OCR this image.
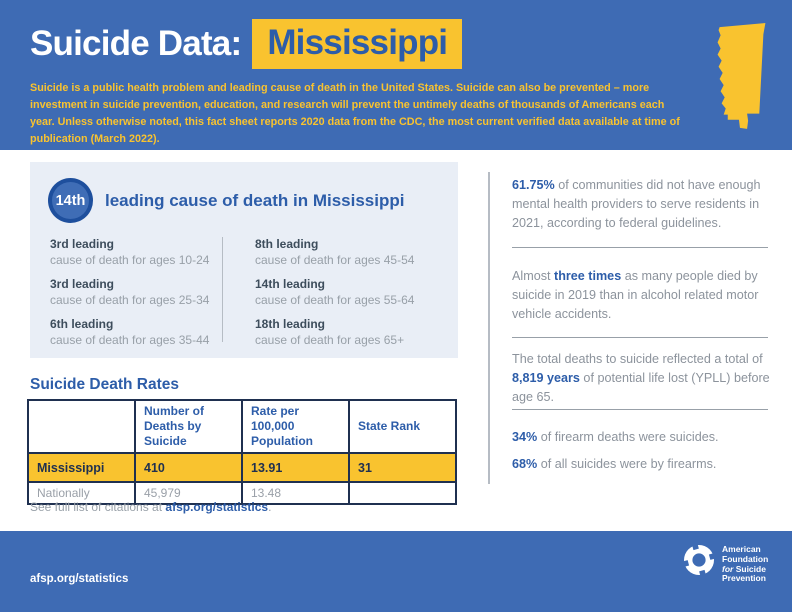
Suicide Data: Mississippi

Suicide is a public health problem and leading cause of death in the United States. Suicide can also be prevented – more investment in suicide prevention, education, and research will prevent the untimely deaths of thousands of Americans each year. Unless otherwise noted, this fact sheet reports 2020 data from the CDC, the most current verified data available at time of publication (March 2022).

14th leading cause of death in Mississippi
3rd leading
cause of death for ages 10-24
3rd leading
cause of death for ages 25-34
6th leading
cause of death for ages 35-44
8th leading
cause of death for ages 45-54
14th leading
cause of death for ages 55-64
18th leading
cause of death for ages 65+
Suicide Death Rates
	Number of Deaths by Suicide	Rate per 100,000 Population	State Rank
Mississippi	410	13.91	31
Nationally	45,979	13.48	

See full list of citations at afsp.org/statistics.

61.75% of communities did not have enough mental health providers to serve residents in 2021, according to federal guidelines.

Almost three times as many people died by suicide in 2019 than in alcohol related motor vehicle accidents.

The total deaths to suicide reflected a total of 8,819 years of potential life lost (YPLL) before age 65.

34% of firearm deaths were suicides.

68% of all suicides were by firearms.

afsp.org/statistics
American
Foundation
for Suicide
Prevention
